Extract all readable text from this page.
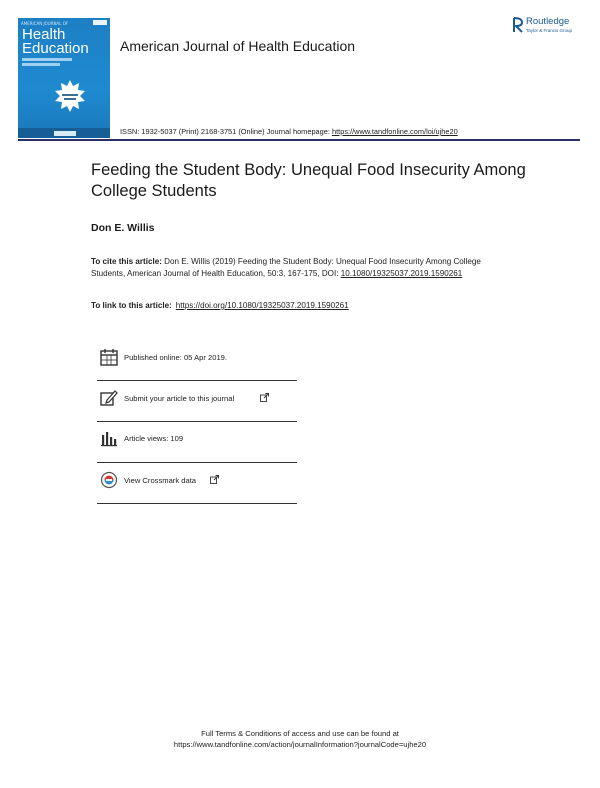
AMERICAN JOURNAL OF
Health Education American Journal of Health Education
Routledge
Taylor & Francis Group
ISSN: 1932-5037 (Print) 2168-3751 (Online) Journal homepage: https://www.tandfonline.com/loi/ujhe20
Feeding the Student Body: Unequal Food Insecurity Among College Students
Don E. Willis
To cite this article: Don E. Willis (2019) Feeding the Student Body: Unequal Food Insecurity Among College Students, American Journal of Health Education, 50:3, 167-175, DOI: 10.1080/19325037.2019.1590261
To link to this article: https://doi.org/10.1080/19325037.2019.1590261
Published online: 05 Apr 2019.
Submit your article to this journal
Article views: 109
View Crossmark data
Full Terms & Conditions of access and use can be found at
https://www.tandfonline.com/action/journalInformation?journalCode=ujhe20
